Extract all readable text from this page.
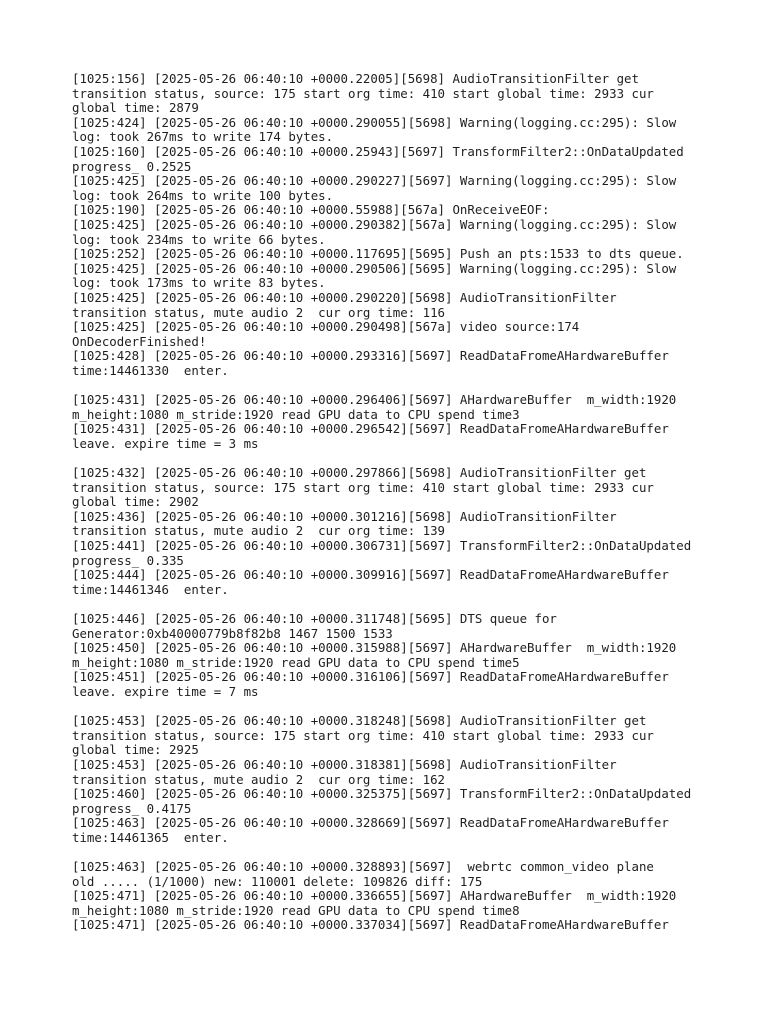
[1025:156] [2025-05-26 06:40:10 +0000.22005][5698] AudioTransitionFilter get
transition status, source: 175 start org time: 410 start global time: 2933 cur
global time: 2879
[1025:424] [2025-05-26 06:40:10 +0000.290055][5698] Warning(logging.cc:295): Slow
log: took 267ms to write 174 bytes.
[1025:160] [2025-05-26 06:40:10 +0000.25943][5697] TransformFilter2::OnDataUpdated
progress_ 0.2525
[1025:425] [2025-05-26 06:40:10 +0000.290227][5697] Warning(logging.cc:295): Slow
log: took 264ms to write 100 bytes.
[1025:190] [2025-05-26 06:40:10 +0000.55988][567a] OnReceiveEOF:
[1025:425] [2025-05-26 06:40:10 +0000.290382][567a] Warning(logging.cc:295): Slow
log: took 234ms to write 66 bytes.
[1025:252] [2025-05-26 06:40:10 +0000.117695][5695] Push an pts:1533 to dts queue.
[1025:425] [2025-05-26 06:40:10 +0000.290506][5695] Warning(logging.cc:295): Slow
log: took 173ms to write 83 bytes.
[1025:425] [2025-05-26 06:40:10 +0000.290220][5698] AudioTransitionFilter
transition status, mute audio 2  cur org time: 116
[1025:425] [2025-05-26 06:40:10 +0000.290498][567a] video source:174
OnDecoderFinished!
[1025:428] [2025-05-26 06:40:10 +0000.293316][5697] ReadDataFromeAHardwareBuffer
time:14461330  enter.

[1025:431] [2025-05-26 06:40:10 +0000.296406][5697] AHardwareBuffer  m_width:1920
m_height:1080 m_stride:1920 read GPU data to CPU spend time3
[1025:431] [2025-05-26 06:40:10 +0000.296542][5697] ReadDataFromeAHardwareBuffer
leave. expire time = 3 ms

[1025:432] [2025-05-26 06:40:10 +0000.297866][5698] AudioTransitionFilter get
transition status, source: 175 start org time: 410 start global time: 2933 cur
global time: 2902
[1025:436] [2025-05-26 06:40:10 +0000.301216][5698] AudioTransitionFilter
transition status, mute audio 2  cur org time: 139
[1025:441] [2025-05-26 06:40:10 +0000.306731][5697] TransformFilter2::OnDataUpdated
progress_ 0.335
[1025:444] [2025-05-26 06:40:10 +0000.309916][5697] ReadDataFromeAHardwareBuffer
time:14461346  enter.

[1025:446] [2025-05-26 06:40:10 +0000.311748][5695] DTS queue for
Generator:0xb40000779b8f82b8 1467 1500 1533
[1025:450] [2025-05-26 06:40:10 +0000.315988][5697] AHardwareBuffer  m_width:1920
m_height:1080 m_stride:1920 read GPU data to CPU spend time5
[1025:451] [2025-05-26 06:40:10 +0000.316106][5697] ReadDataFromeAHardwareBuffer
leave. expire time = 7 ms

[1025:453] [2025-05-26 06:40:10 +0000.318248][5698] AudioTransitionFilter get
transition status, source: 175 start org time: 410 start global time: 2933 cur
global time: 2925
[1025:453] [2025-05-26 06:40:10 +0000.318381][5698] AudioTransitionFilter
transition status, mute audio 2  cur org time: 162
[1025:460] [2025-05-26 06:40:10 +0000.325375][5697] TransformFilter2::OnDataUpdated
progress_ 0.4175
[1025:463] [2025-05-26 06:40:10 +0000.328669][5697] ReadDataFromeAHardwareBuffer
time:14461365  enter.

[1025:463] [2025-05-26 06:40:10 +0000.328893][5697]  webrtc common_video plane
old ..... (1/1000) new: 110001 delete: 109826 diff: 175
[1025:471] [2025-05-26 06:40:10 +0000.336655][5697] AHardwareBuffer  m_width:1920
m_height:1080 m_stride:1920 read GPU data to CPU spend time8
[1025:471] [2025-05-26 06:40:10 +0000.337034][5697] ReadDataFromeAHardwareBuffer
